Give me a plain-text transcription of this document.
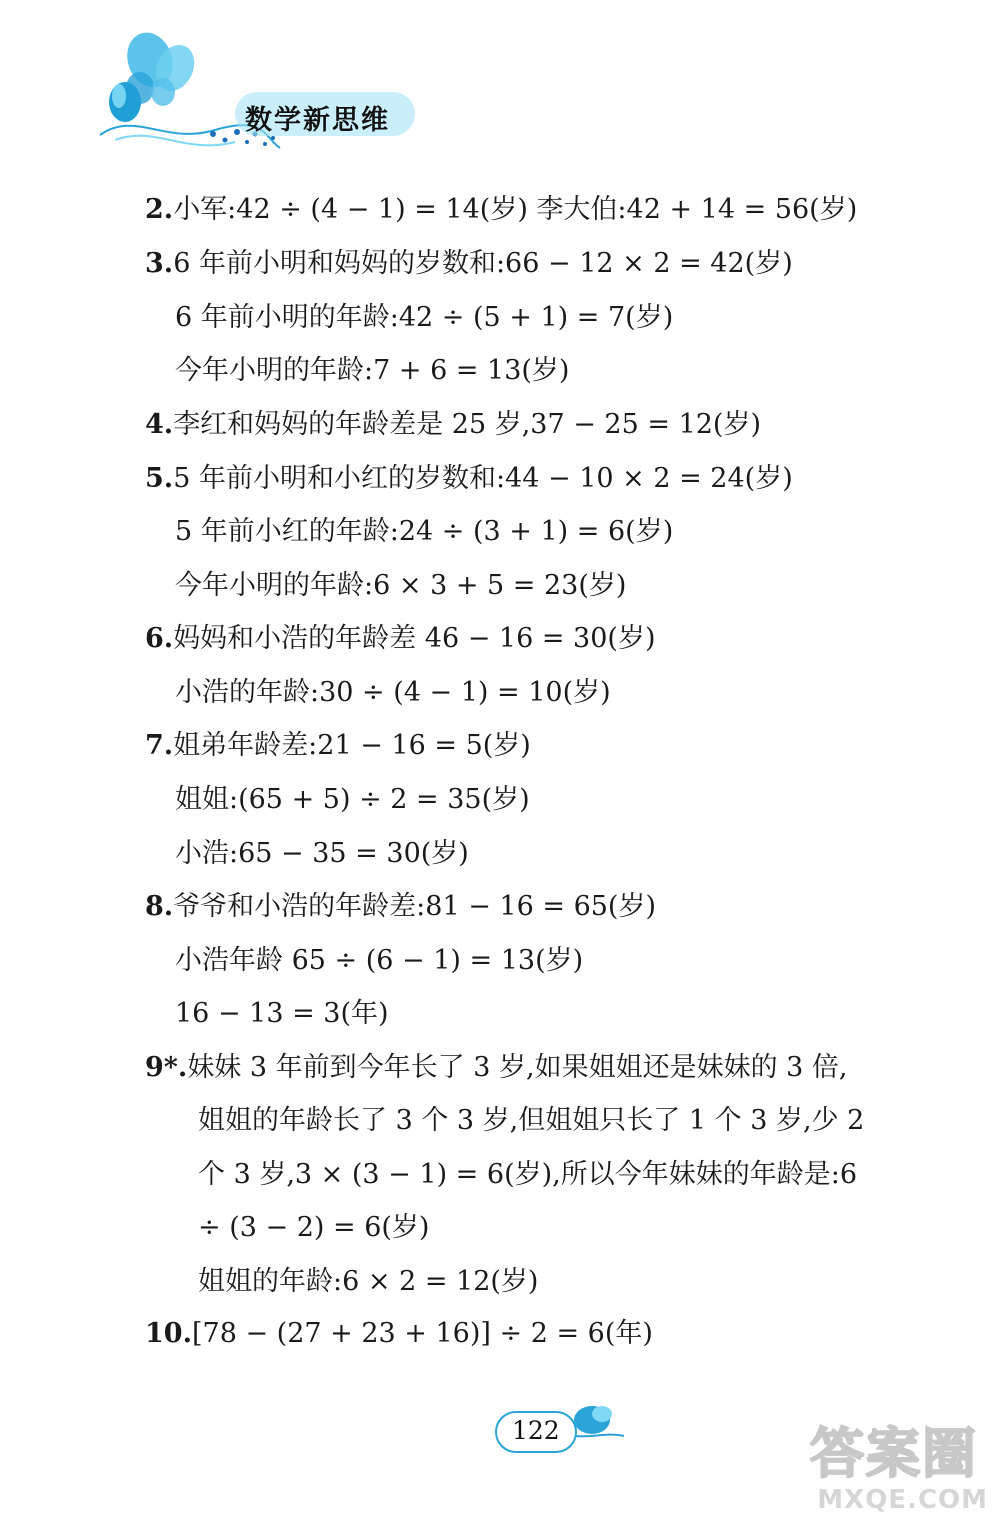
数学新思维
2.小军:42 ÷ (4 − 1) = 14(岁) 李大伯:42 + 14 = 56(岁)
3.6 年前小明和妈妈的岁数和:66 − 12 × 2 = 42(岁)
6 年前小明的年龄:42 ÷ (5 + 1) = 7(岁)
今年小明的年龄:7 + 6 = 13(岁)
4.李红和妈妈的年龄差是 25 岁,37 − 25 = 12(岁)
5.5 年前小明和小红的岁数和:44 − 10 × 2 = 24(岁)
5 年前小红的年龄:24 ÷ (3 + 1) = 6(岁)
今年小明的年龄:6 × 3 + 5 = 23(岁)
6.妈妈和小浩的年龄差 46 − 16 = 30(岁)
小浩的年龄:30 ÷ (4 − 1) = 10(岁)
7.姐弟年龄差:21 − 16 = 5(岁)
姐姐:(65 + 5) ÷ 2 = 35(岁)
小浩:65 − 35 = 30(岁)
8.爷爷和小浩的年龄差:81 − 16 = 65(岁)
小浩年龄 65 ÷ (6 − 1) = 13(岁)
16 − 13 = 3(年)
9*.妹妹 3 年前到今年长了 3 岁,如果姐姐还是妹妹的 3 倍,
姐姐的年龄长了 3 个 3 岁,但姐姐只长了 1 个 3 岁,少 2
个 3 岁,3 × (3 − 1) = 6(岁),所以今年妹妹的年龄是:6
÷ (3 − 2) = 6(岁)
姐姐的年龄:6 × 2 = 12(岁)
10.[78 − (27 + 23 + 16)] ÷ 2 = 6(年)
122	答案圈
MXQE.COM
